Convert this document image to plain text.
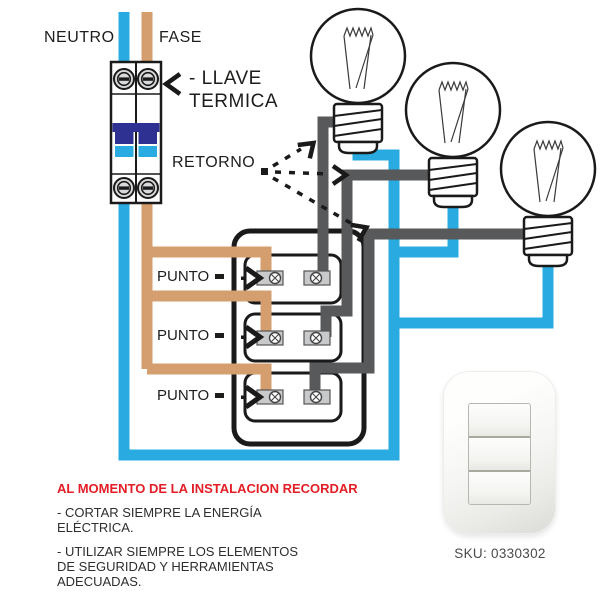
NEUTRO	FASE
- LLAVE
TERMICA
RETORNO
PUNTO
PUNTO
PUNTO
AL MOMENTO DE LA INSTALACION RECORDAR

- CORTAR SIEMPRE LA ENERGÍA ELÉCTRICA.

- UTILIZAR SIEMPRE LOS ELEMENTOS DE SEGURIDAD Y HERRAMIENTAS ADECUADAS.

SKU: 0330302
